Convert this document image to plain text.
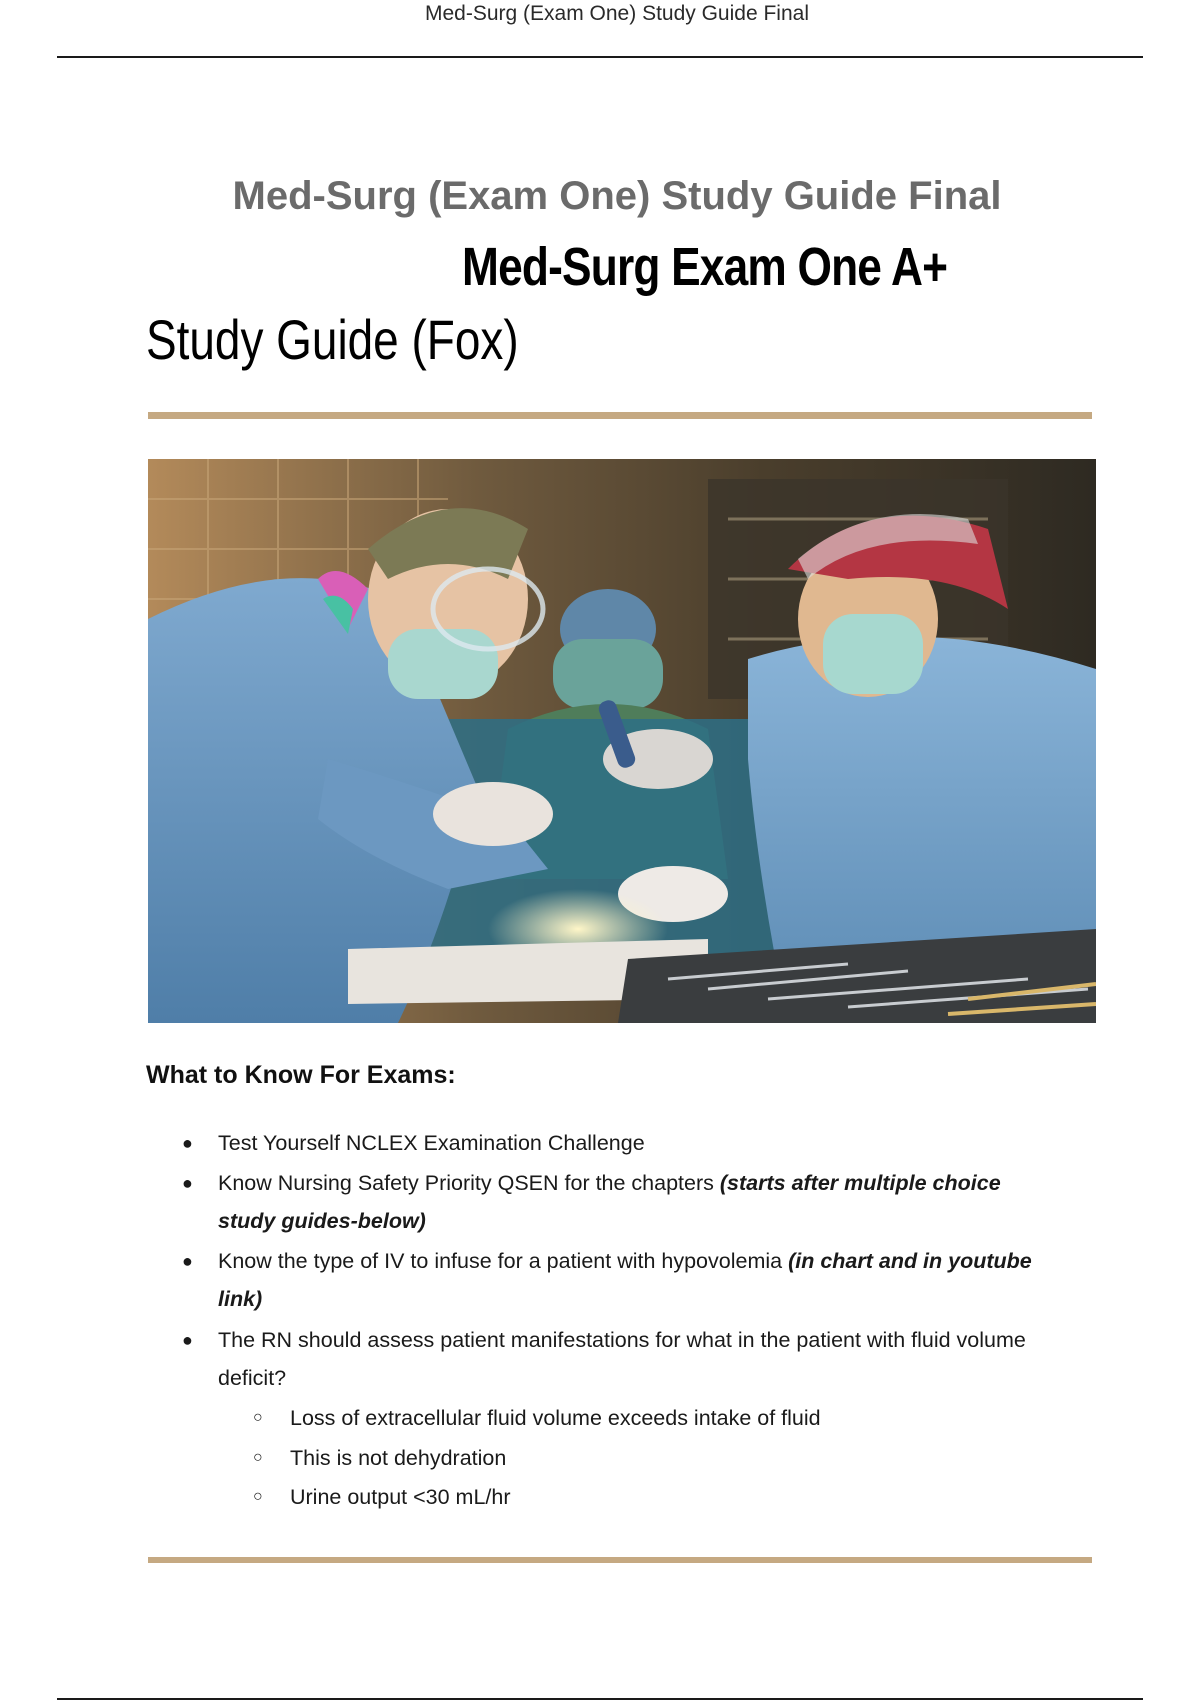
Med-Surg (Exam One) Study Guide Final
Med-Surg (Exam One) Study Guide Final
Med-Surg Exam One A+
Study Guide (Fox)
What to Know For Exams:
● Test Yourself NCLEX Examination Challenge
● Know Nursing Safety Priority QSEN for the chapters (starts after multiple choice study guides-below)
● Know the type of IV to infuse for a patient with hypovolemia (in chart and in youtube link)
● The RN should assess patient manifestations for what in the patient with fluid volume deficit?
○ Loss of extracellular fluid volume exceeds intake of fluid
○ This is not dehydration
○ Urine output <30 mL/hr
